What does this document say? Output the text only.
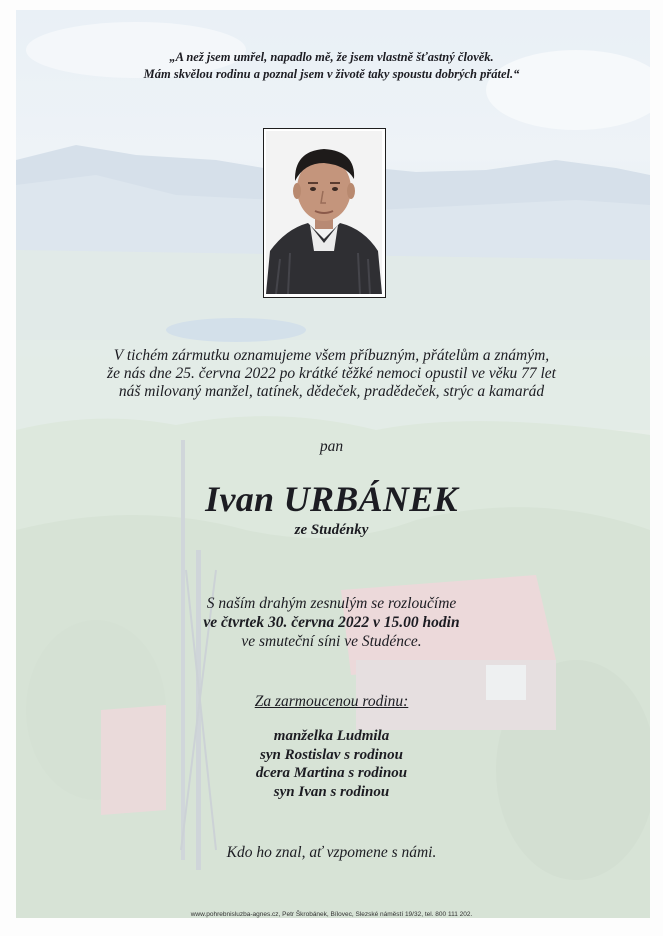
„A než jsem umřel, napadlo mě, že jsem vlastně šťastný člověk.
Mám skvělou rodinu a poznal jsem v životě taky spoustu dobrých přátel.“
V tichém zármutku oznamujeme všem příbuzným, přátelům a známým,
že nás dne 25. června 2022 po krátké těžké nemoci opustil ve věku 77 let
náš milovaný manžel, tatínek, dědeček, pradědeček, strýc a kamarád
pan
Ivan URBÁNEK
ze Studénky
S naším drahým zesnulým se rozloučíme
ve čtvrtek 30. června 2022 v 15.00 hodin
ve smuteční síni ve Studénce.
Za zarmoucenou rodinu:
manželka Ludmila
syn Rostislav s rodinou
dcera Martina s rodinou
syn Ivan s rodinou
Kdo ho znal, ať vzpomene s námi.
www.pohrebnisluzba-agnes.cz, Petr Škrobánek, Bílovec, Slezské náměstí 19/32, tel. 800 111 202.
